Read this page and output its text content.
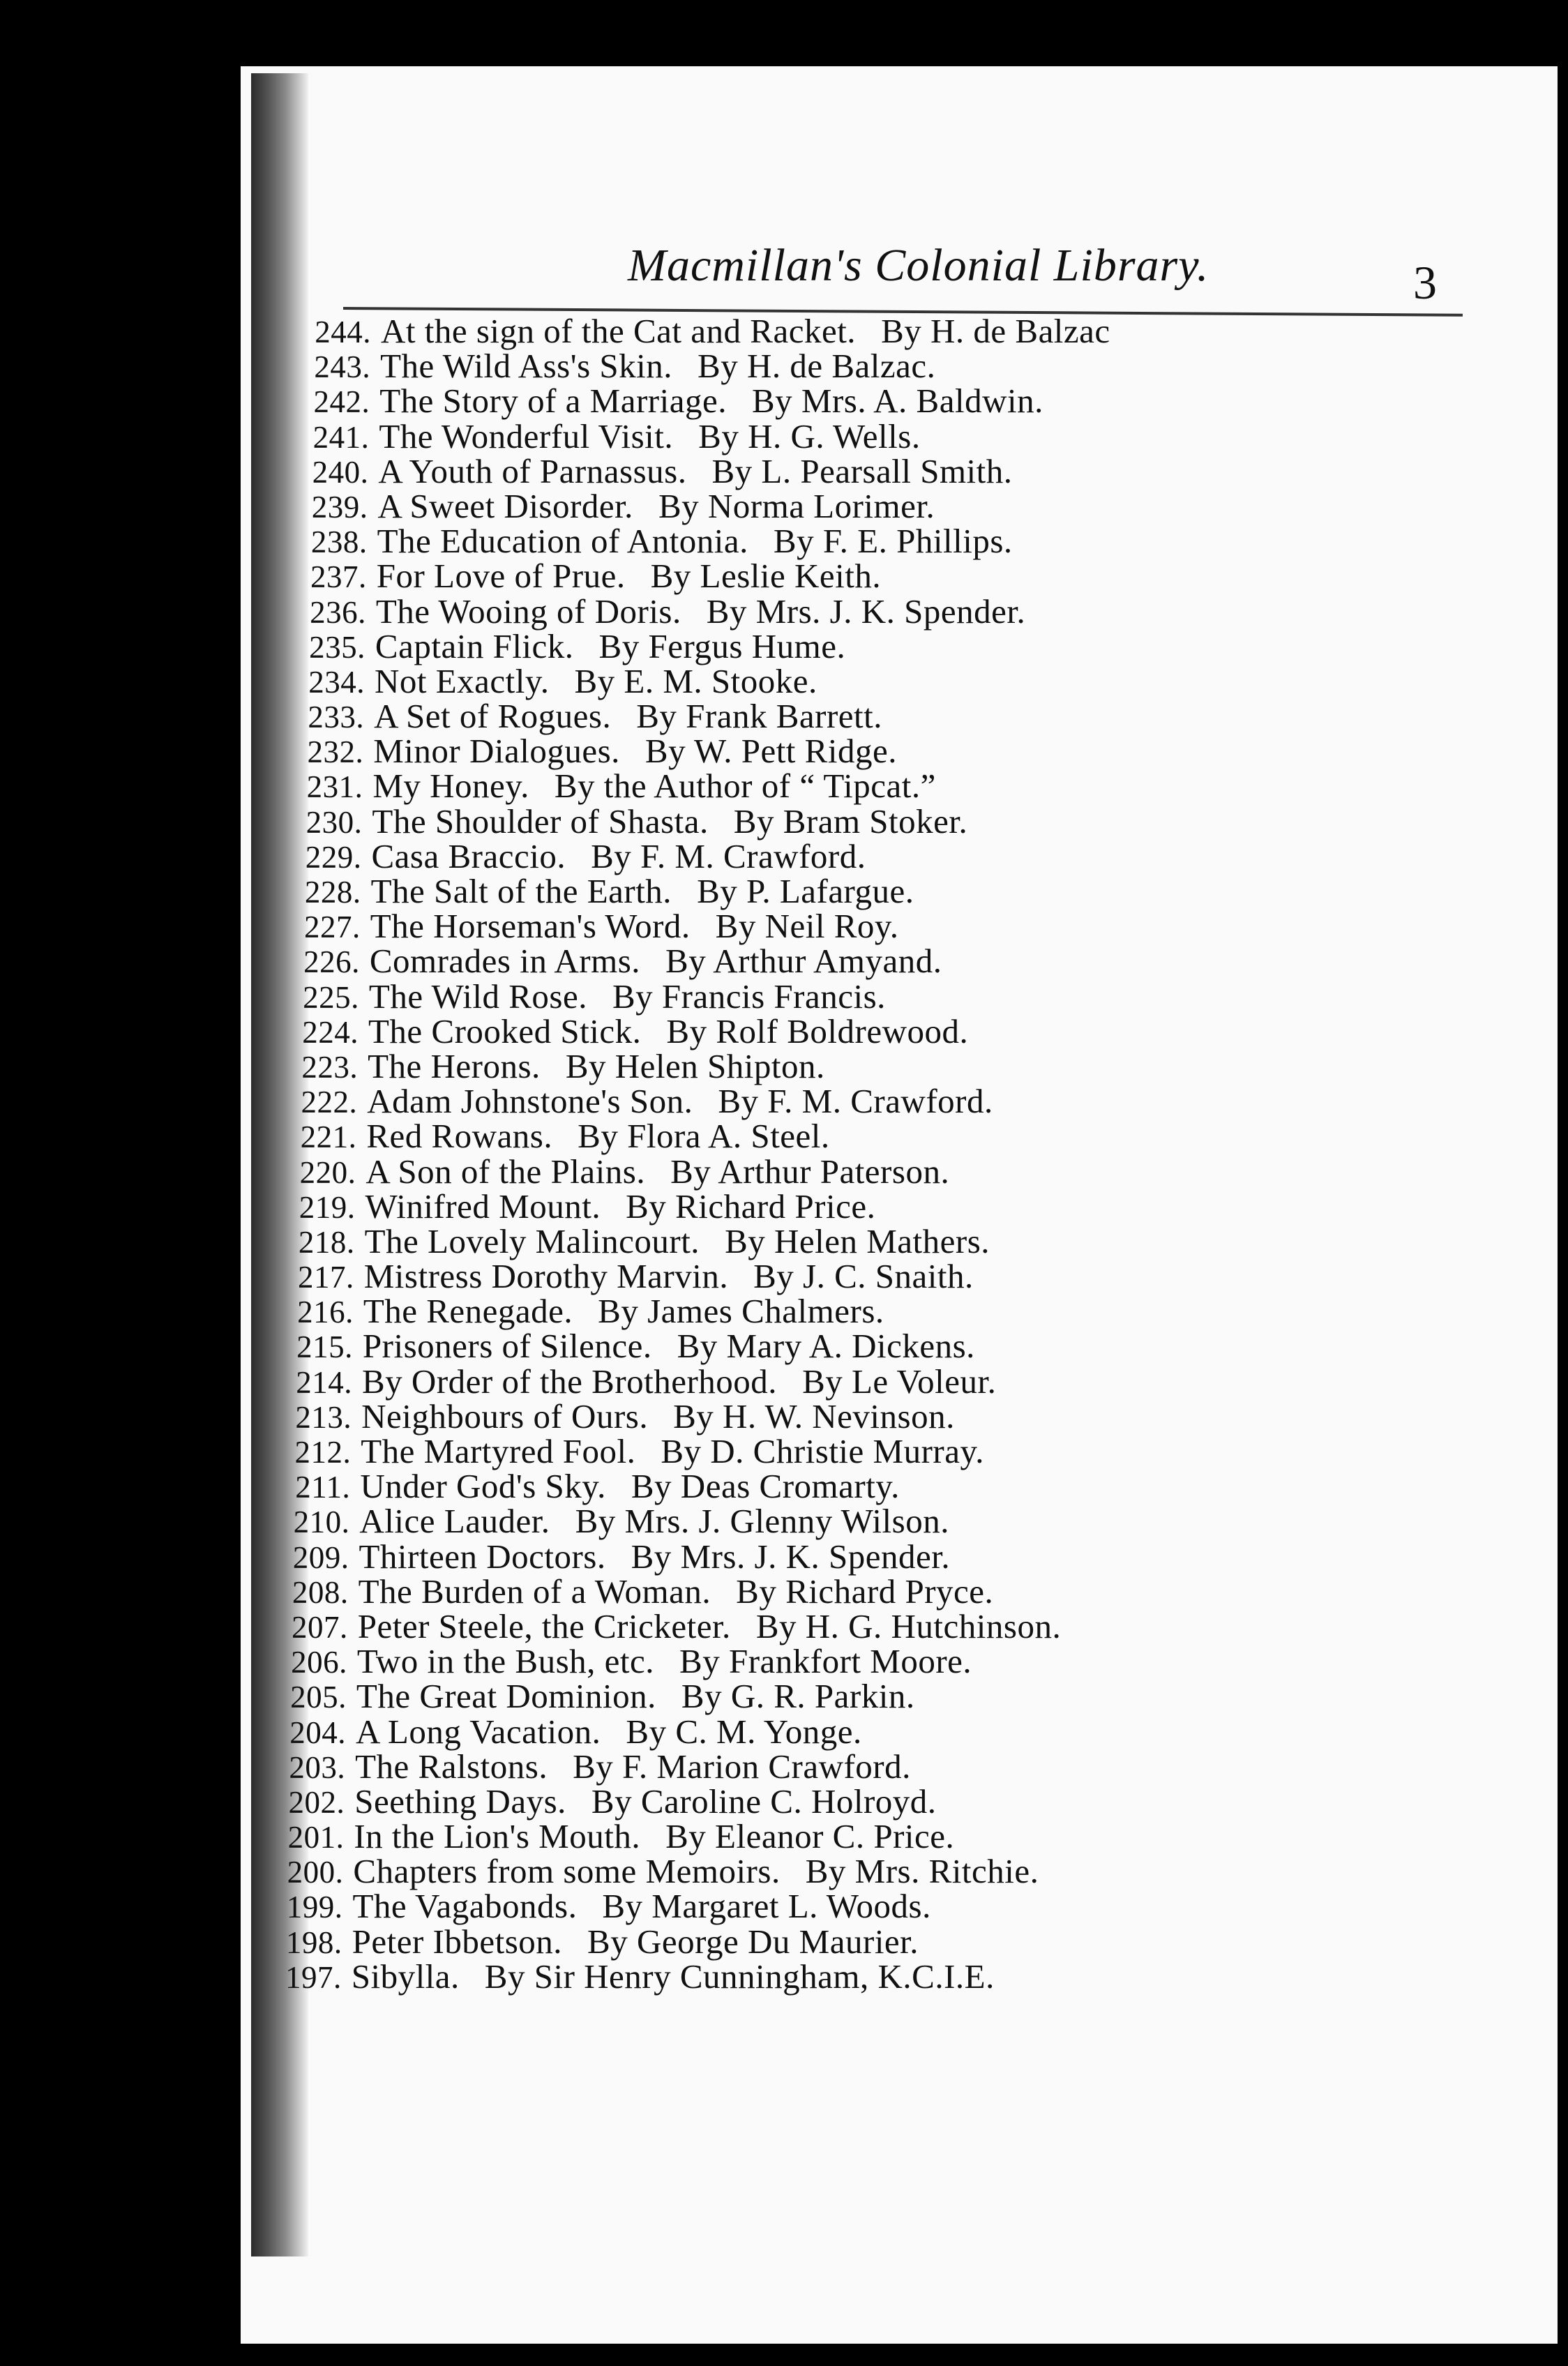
Macmillan's Colonial Library.	3
244. At the sign of the Cat and Racket. By H. de Balzac
243. The Wild Ass's Skin. By H. de Balzac.
242. The Story of a Marriage. By Mrs. A. Baldwin.
241. The Wonderful Visit. By H. G. Wells.
240. A Youth of Parnassus. By L. Pearsall Smith.
239. A Sweet Disorder. By Norma Lorimer.
238. The Education of Antonia. By F. E. Phillips.
237. For Love of Prue. By Leslie Keith.
236. The Wooing of Doris. By Mrs. J. K. Spender.
235. Captain Flick. By Fergus Hume.
234. Not Exactly. By E. M. Stooke.
233. A Set of Rogues. By Frank Barrett.
232. Minor Dialogues. By W. Pett Ridge.
231. My Honey. By the Author of “ Tipcat.”
230. The Shoulder of Shasta. By Bram Stoker.
229. Casa Braccio. By F. M. Crawford.
228. The Salt of the Earth. By P. Lafargue.
227. The Horseman's Word. By Neil Roy.
226. Comrades in Arms. By Arthur Amyand.
225. The Wild Rose. By Francis Francis.
224. The Crooked Stick. By Rolf Boldrewood.
223. The Herons. By Helen Shipton.
222. Adam Johnstone's Son. By F. M. Crawford.
221. Red Rowans. By Flora A. Steel.
220. A Son of the Plains. By Arthur Paterson.
219. Winifred Mount. By Richard Price.
218. The Lovely Malincourt. By Helen Mathers.
217. Mistress Dorothy Marvin. By J. C. Snaith.
216. The Renegade. By James Chalmers.
215. Prisoners of Silence. By Mary A. Dickens.
214. By Order of the Brotherhood. By Le Voleur.
213. Neighbours of Ours. By H. W. Nevinson.
212. The Martyred Fool. By D. Christie Murray.
211. Under God's Sky. By Deas Cromarty.
210. Alice Lauder. By Mrs. J. Glenny Wilson.
209. Thirteen Doctors. By Mrs. J. K. Spender.
208. The Burden of a Woman. By Richard Pryce.
207. Peter Steele, the Cricketer. By H. G. Hutchinson.
206. Two in the Bush, etc. By Frankfort Moore.
205. The Great Dominion. By G. R. Parkin.
204. A Long Vacation. By C. M. Yonge.
203. The Ralstons. By F. Marion Crawford.
202. Seething Days. By Caroline C. Holroyd.
201. In the Lion's Mouth. By Eleanor C. Price.
200. Chapters from some Memoirs. By Mrs. Ritchie.
199. The Vagabonds. By Margaret L. Woods.
198. Peter Ibbetson. By George Du Maurier.
197. Sibylla. By Sir Henry Cunningham, K.C.I.E.
